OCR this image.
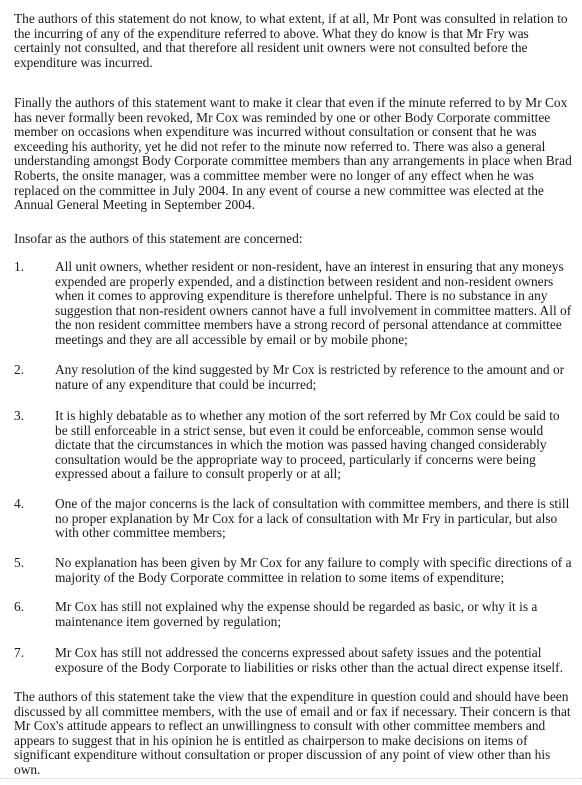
The authors of this statement do not know, to what extent, if at all, Mr Pont was consulted in relation to the incurring of any of the expenditure referred to above. What they do know is that Mr Fry was certainly not consulted, and that therefore all resident unit owners were not consulted before the expenditure was incurred.

Finally the authors of this statement want to make it clear that even if the minute referred to by Mr Cox has never formally been revoked, Mr Cox was reminded by one or other Body Corporate committee member on occasions when expenditure was incurred without consultation or consent that he was exceeding his authority, yet he did not refer to the minute now referred to. There was also a general understanding amongst Body Corporate committee members than any arrangements in place when Brad Roberts, the onsite manager, was a committee member were no longer of any effect when he was replaced on the committee in July 2004. In any event of course a new committee was elected at the Annual General Meeting in September 2004.

Insofar as the authors of this statement are concerned:

1.	All unit owners, whether resident or non-resident, have an interest in ensuring that any moneys expended are properly expended, and a distinction between resident and non-resident owners when it comes to approving expenditure is therefore unhelpful. There is no substance in any suggestion that non-resident owners cannot have a full involvement in committee matters. All of the non resident committee members have a strong record of personal attendance at committee meetings and they are all accessible by email or by mobile phone;

2.	Any resolution of the kind suggested by Mr Cox is restricted by reference to the amount and or nature of any expenditure that could be incurred;

3.	It is highly debatable as to whether any motion of the sort referred by Mr Cox could be said to be still enforceable in a strict sense, but even it could be enforceable, common sense would dictate that the circumstances in which the motion was passed having changed considerably consultation would be the appropriate way to proceed, particularly if concerns were being expressed about a failure to consult properly or at all;

4.	One of the major concerns is the lack of consultation with committee members, and there is still no proper explanation by Mr Cox for a lack of consultation with Mr Fry in particular, but also with other committee members;

5.	No explanation has been given by Mr Cox for any failure to comply with specific directions of a majority of the Body Corporate committee in relation to some items of expenditure;

6.	Mr Cox has still not explained why the expense should be regarded as basic, or why it is a maintenance item governed by regulation;

7.	Mr Cox has still not addressed the concerns expressed about safety issues and the potential exposure of the Body Corporate to liabilities or risks other than the actual direct expense itself.

The authors of this statement take the view that the expenditure in question could and should have been discussed by all committee members, with the use of email and or fax if necessary. Their concern is that Mr Cox's attitude appears to reflect an unwillingness to consult with other committee members and appears to suggest that in his opinion he is entitled as chairperson to make decisions on items of significant expenditure without consultation or proper discussion of any point of view other than his own.
